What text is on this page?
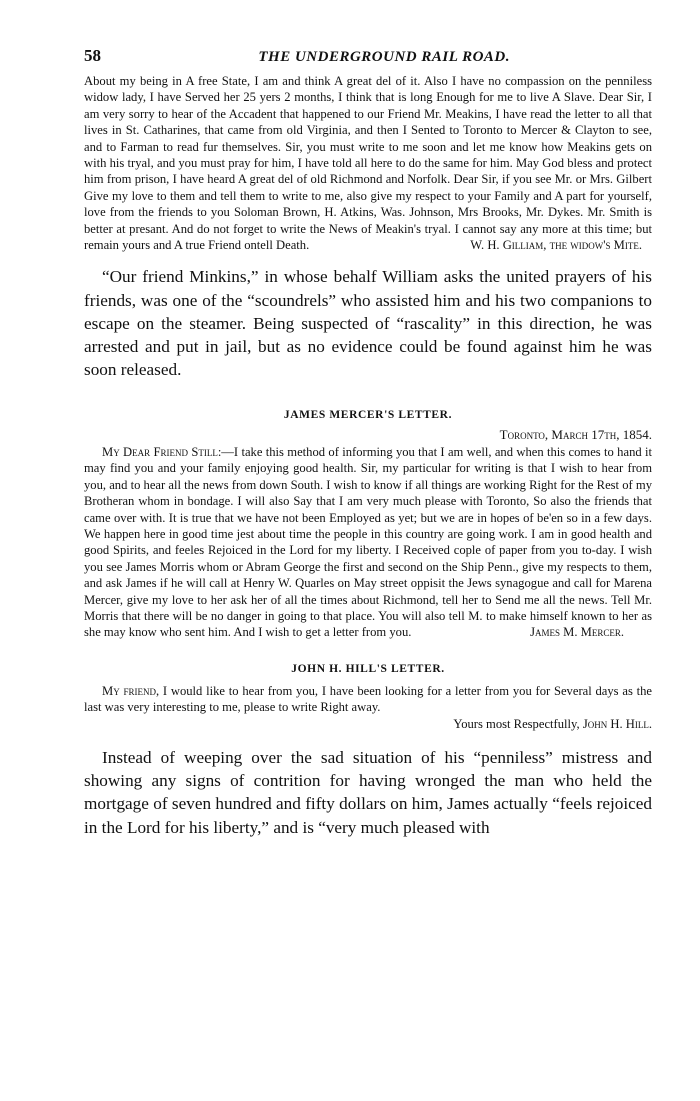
58	THE UNDERGROUND RAIL ROAD.

About my being in A free State, I am and think A great del of it. Also I have no compassion on the penniless widow lady, I have Served her 25 yers 2 months, I think that is long Enough for me to live A Slave. Dear Sir, I am very sorry to hear of the Accadent that happened to our Friend Mr. Meakins, I have read the letter to all that lives in St. Catharines, that came from old Virginia, and then I Sented to Toronto to Mercer & Clayton to see, and to Farman to read fur themselves. Sir, you must write to me soon and let me know how Meakins gets on with his tryal, and you must pray for him, I have told all here to do the same for him. May God bless and protect him from prison, I have heard A great del of old Richmond and Norfolk. Dear Sir, if you see Mr. or Mrs. Gilbert Give my love to them and tell them to write to me, also give my respect to your Family and A part for yourself, love from the friends to you Soloman Brown, H. Atkins, Was. Johnson, Mrs Brooks, Mr. Dykes. Mr. Smith is better at presant. And do not forget to write the News of Meakin's tryal. I cannot say any more at this time; but remain yours and A true Friend ontell Death.	W. H. Gilliam, the widow's Mite.

“Our friend Minkins,” in whose behalf William asks the united prayers of his friends, was one of the “scoundrels” who assisted him and his two companions to escape on the steamer. Being suspected of “rascality” in this direction, he was arrested and put in jail, but as no evidence could be found against him he was soon released.

JAMES MERCER'S LETTER.

Toronto, March 17th, 1854.

My Dear Friend Still:—I take this method of informing you that I am well, and when this comes to hand it may find you and your family enjoying good health. Sir, my particular for writing is that I wish to hear from you, and to hear all the news from down South. I wish to know if all things are working Right for the Rest of my Brotheran whom in bondage. I will also Say that I am very much please with Toronto, So also the friends that came over with. It is true that we have not been Employed as yet; but we are in hopes of be'en so in a few days. We happen here in good time jest about time the people in this country are going work. I am in good health and good Spirits, and feeles Rejoiced in the Lord for my liberty. I Received cople of paper from you to-day. I wish you see James Morris whom or Abram George the first and second on the Ship Penn., give my respects to them, and ask James if he will call at Henry W. Quarles on May street oppisit the Jews synagogue and call for Marena Mercer, give my love to her ask her of all the times about Richmond, tell her to Send me all the news. Tell Mr. Morris that there will be no danger in going to that place. You will also tell M. to make himself known to her as she may know who sent him. And I wish to get a letter from you.	James M. Mercer.

JOHN H. HILL'S LETTER.

My friend, I would like to hear from you, I have been looking for a letter from you for Several days as the last was very interesting to me, please to write Right away.

Yours most Respectfully, John H. Hill.

Instead of weeping over the sad situation of his “penniless” mistress and showing any signs of contrition for having wronged the man who held the mortgage of seven hundred and fifty dollars on him, James actually “feels rejoiced in the Lord for his liberty,” and is “very much pleased with
